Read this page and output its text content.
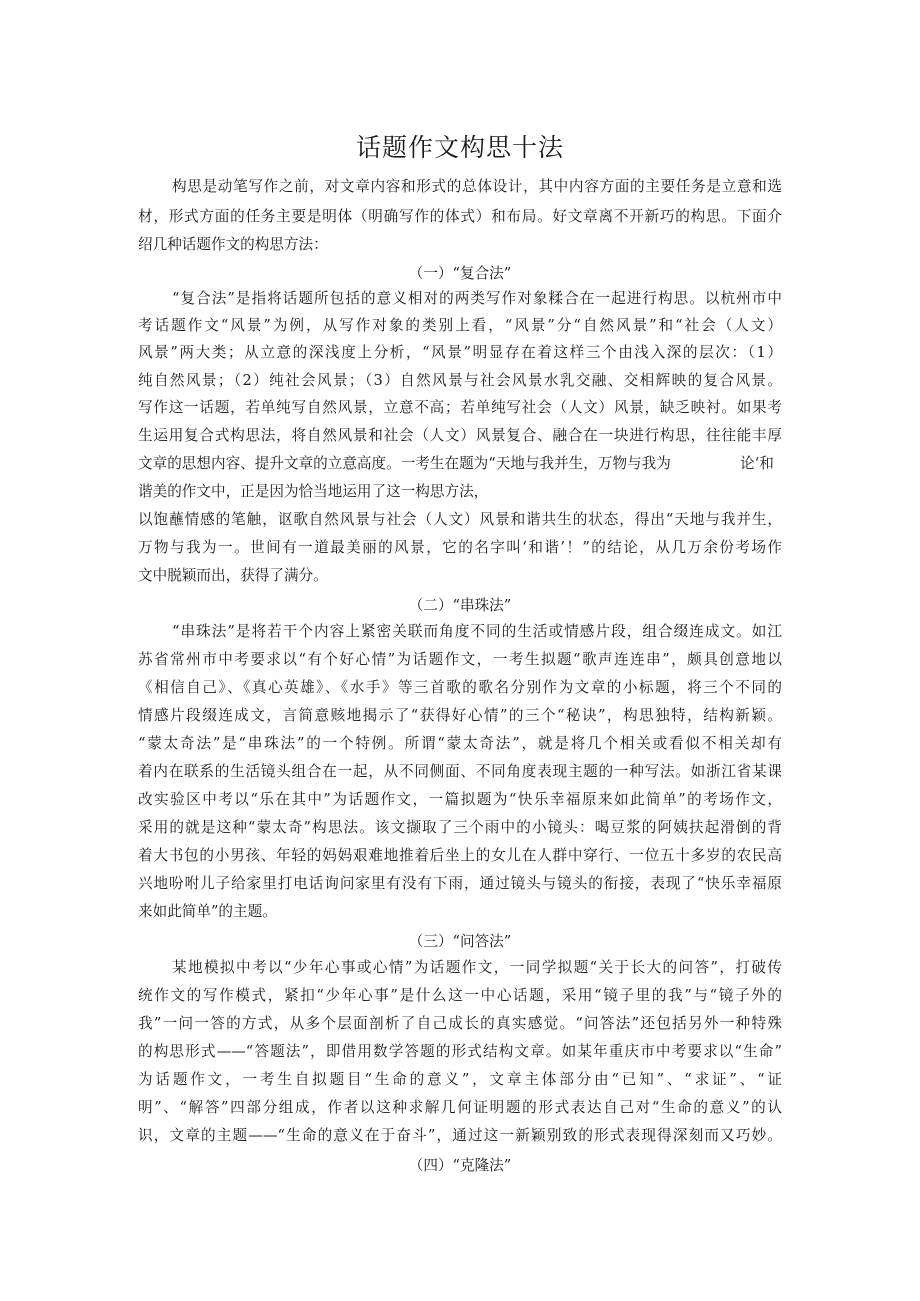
话题作文构思十法
构思是动笔写作之前，对文章内容和形式的总体设计，其中内容方面的主要任务是立意和选
材，形式方面的任务主要是明体（明确写作的体式）和布局。好文章离不开新巧的构思。下面介
绍几种话题作文的构思方法：
（一）“复合法”
“复合法”是指将话题所包括的意义相对的两类写作对象糅合在一起进行构思。以杭州市中
考话题作文“风景”为例，从写作对象的类别上看，“风景”分“自然风景”和“社会（人文）
风景”两大类；从立意的深浅度上分析，“风景”明显存在着这样三个由浅入深的层次：（1）
纯自然风景；（2）纯社会风景；（3）自然风景与社会风景水乳交融、交相辉映的复合风景。
写作这一话题，若单纯写自然风景，立意不高；若单纯写社会（人文）风景，缺乏映衬。如果考
生运用复合式构思法，将自然风景和社会（人文）风景复合、融合在一块进行构思，往往能丰厚
文章的思想内容、提升文章的立意高度。一考生在题为“天地与我并生，万物与我为	论‘和
谐美的作文中，正是因为恰当地运用了这一构思方法，
以饱蘸情感的笔触，讴歌自然风景与社会（人文）风景和谐共生的状态，得出“天地与我并生，
万物与我为一。世间有一道最美丽的风景，它的名字叫‘和谐’！”的结论，从几万余份考场作
文中脱颖而出，获得了满分。
（二）“串珠法”
“串珠法”是将若干个内容上紧密关联而角度不同的生活或情感片段，组合缀连成文。如江
苏省常州市中考要求以“有个好心情”为话题作文，一考生拟题“歌声连连串”，颇具创意地以
《相信自己》、《真心英雄》、《水手》等三首歌的歌名分别作为文章的小标题，将三个不同的
情感片段缀连成文，言简意赅地揭示了“获得好心情”的三个“秘诀”，构思独特，结构新颖。
“蒙太奇法”是“串珠法”的一个特例。所谓“蒙太奇法”，就是将几个相关或看似不相关却有
着内在联系的生活镜头组合在一起，从不同侧面、不同角度表现主题的一种写法。如浙江省某课
改实验区中考以“乐在其中”为话题作文，一篇拟题为“快乐幸福原来如此简单”的考场作文，
采用的就是这种“蒙太奇”构思法。该文撷取了三个雨中的小镜头：喝豆浆的阿姨扶起滑倒的背
着大书包的小男孩、年轻的妈妈艰难地推着后坐上的女儿在人群中穿行、一位五十多岁的农民高
兴地吩咐儿子给家里打电话询问家里有没有下雨，通过镜头与镜头的衔接，表现了“快乐幸福原
来如此简单”的主题。
（三）“问答法”
某地模拟中考以“少年心事或心情”为话题作文，一同学拟题“关于长大的问答”，打破传
统作文的写作模式，紧扣“少年心事”是什么这一中心话题，采用“镜子里的我”与“镜子外的
我”一问一答的方式，从多个层面剖析了自己成长的真实感觉。“问答法”还包括另外一种特殊
的构思形式——“答题法”，即借用数学答题的形式结构文章。如某年重庆市中考要求以“生命”
为话题作文，一考生自拟题目“生命的意义”，文章主体部分由“已知”、“求证”、“证
明”、“解答”四部分组成，作者以这种求解几何证明题的形式表达自己对“生命的意义”的认
识，文章的主题——“生命的意义在于奋斗”，通过这一新颖别致的形式表现得深刻而又巧妙。
（四）“克隆法”
